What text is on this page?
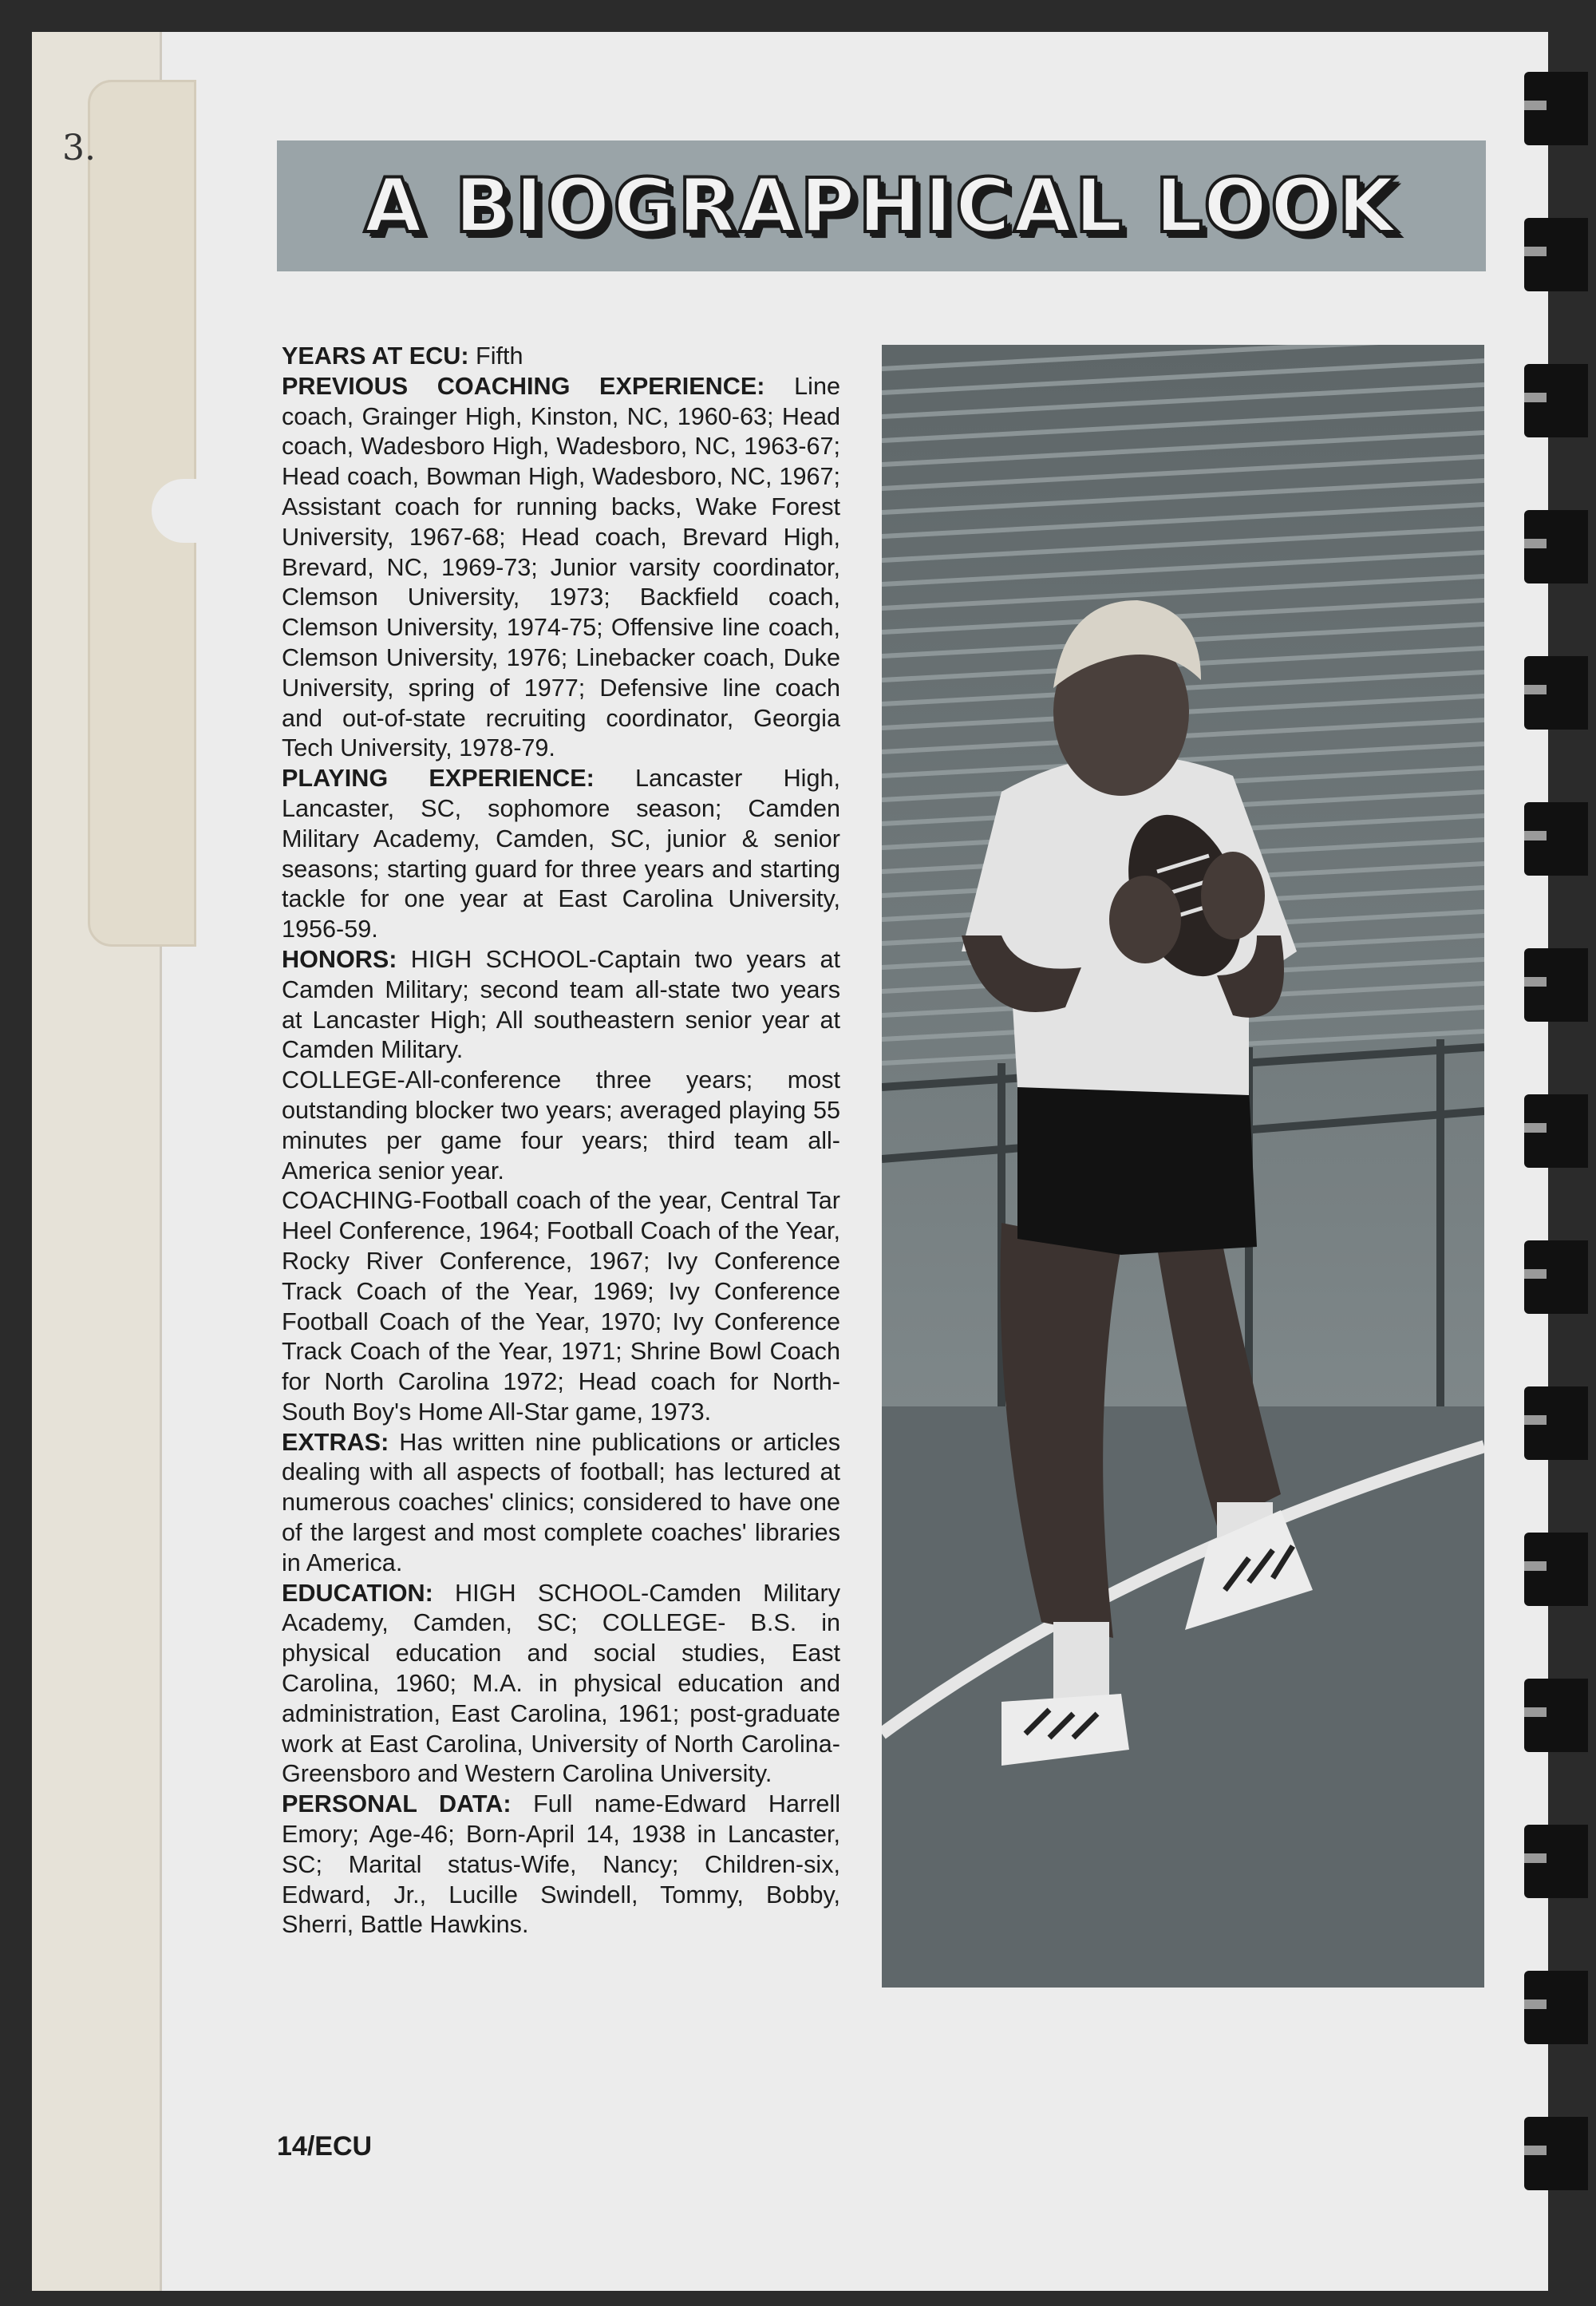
3.
A BIOGRAPHICAL LOOK

YEARS AT ECU: Fifth

PREVIOUS COACHING EXPERIENCE: Line coach, Grainger High, Kinston, NC, 1960-63; Head coach, Wadesboro High, Wadesboro, NC, 1963-67; Head coach, Bowman High, Wadesboro, NC, 1967; Assistant coach for running backs, Wake Forest University, 1967-68; Head coach, Brevard High, Brevard, NC, 1969-73; Junior varsity coordinator, Clemson University, 1973; Backfield coach, Clemson University, 1974-75; Offensive line coach, Clemson University, 1976; Linebacker coach, Duke University, spring of 1977; Defensive line coach and out-of-state recruiting coordinator, Georgia Tech University, 1978-79.

PLAYING EXPERIENCE: Lancaster High, Lancaster, SC, sophomore season; Camden Military Academy, Camden, SC, junior & senior seasons; starting guard for three years and starting tackle for one year at East Carolina University, 1956-59.

HONORS: HIGH SCHOOL-Captain two years at Camden Military; second team all-state two years at Lancaster High; All southeastern senior year at Camden Military.

COLLEGE-All-conference three years; most outstanding blocker two years; averaged playing 55 minutes per game four years; third team all-America senior year.

COACHING-Football coach of the year, Central Tar Heel Conference, 1964; Football Coach of the Year, Rocky River Conference, 1967; Ivy Conference Track Coach of the Year, 1969; Ivy Conference Football Coach of the Year, 1970; Ivy Conference Track Coach of the Year, 1971; Shrine Bowl Coach for North Carolina 1972; Head coach for North-South Boy's Home All-Star game, 1973.

EXTRAS: Has written nine publications or articles dealing with all aspects of football; has lectured at numerous coaches' clinics; considered to have one of the largest and most complete coaches' libraries in America.

EDUCATION: HIGH SCHOOL-Camden Military Academy, Camden, SC; COLLEGE- B.S. in physical education and social studies, East Carolina, 1960; M.A. in physical education and administration, East Carolina, 1961; post-graduate work at East Carolina, University of North Carolina-Greensboro and Western Carolina University.

PERSONAL DATA: Full name-Edward Harrell Emory; Age-46; Born-April 14, 1938 in Lancaster, SC; Marital status-Wife, Nancy; Children-six, Edward, Jr., Lucille Swindell, Tommy, Bobby, Sherri, Battle Hawkins.

14/ECU
